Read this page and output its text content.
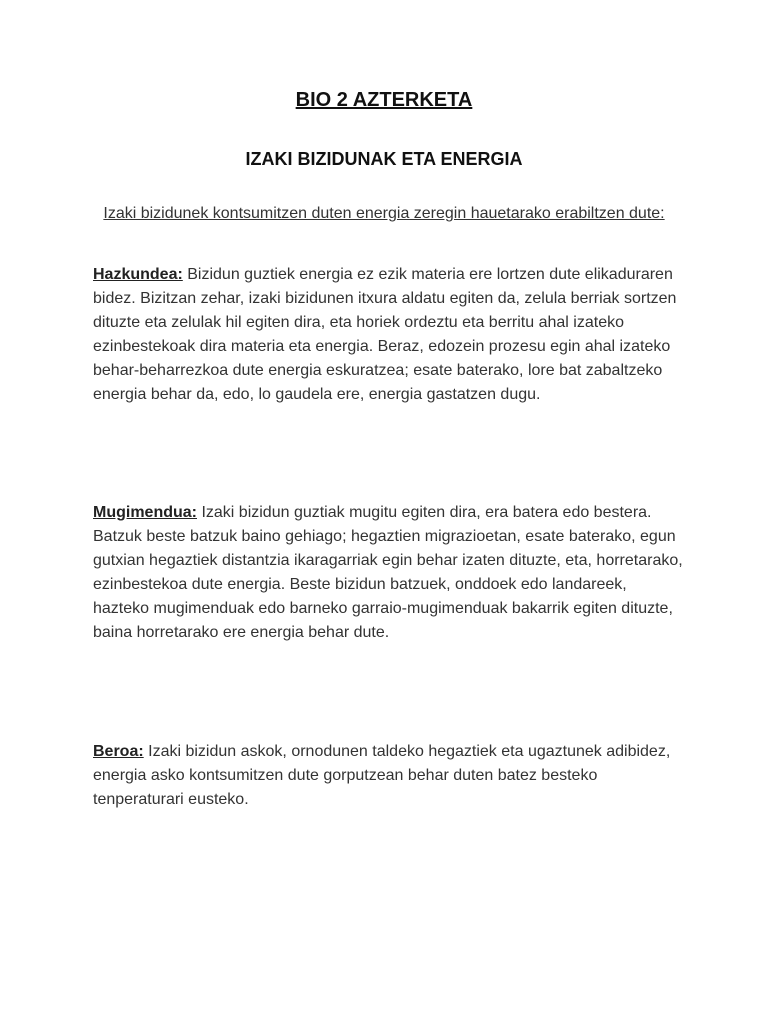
BIO 2 AZTERKETA
IZAKI BIZIDUNAK ETA ENERGIA

Izaki bizidunek kontsumitzen duten energia zeregin hauetarako erabiltzen dute:

Hazkundea: Bizidun guztiek energia ez ezik materia ere lortzen dute elikaduraren bidez. Bizitzan zehar, izaki bizidunen itxura aldatu egiten da, zelula berriak sortzen dituzte eta zelulak hil egiten dira, eta horiek ordeztu eta berritu ahal izateko ezinbestekoak dira materia eta energia. Beraz, edozein prozesu egin ahal izateko behar-beharrezkoa dute energia eskuratzea; esate baterako, lore bat zabaltzeko energia behar da, edo, lo gaudela ere, energia gastatzen dugu.

Mugimendua: Izaki bizidun guztiak mugitu egiten dira, era batera edo bestera. Batzuk beste batzuk baino gehiago; hegaztien migrazioetan, esate baterako, egun gutxian hegaztiek distantzia ikaragarriak egin behar izaten dituzte, eta, horretarako, ezinbestekoa dute energia. Beste bizidun batzuek, onddoek edo landareek, hazteko mugimenduak edo barneko garraio-mugimenduak bakarrik egiten dituzte, baina horretarako ere energia behar dute.

Beroa: Izaki bizidun askok, ornodunen taldeko hegaztiek eta ugaztunek adibidez, energia asko kontsumitzen dute gorputzean behar duten batez besteko tenperaturari eusteko.
